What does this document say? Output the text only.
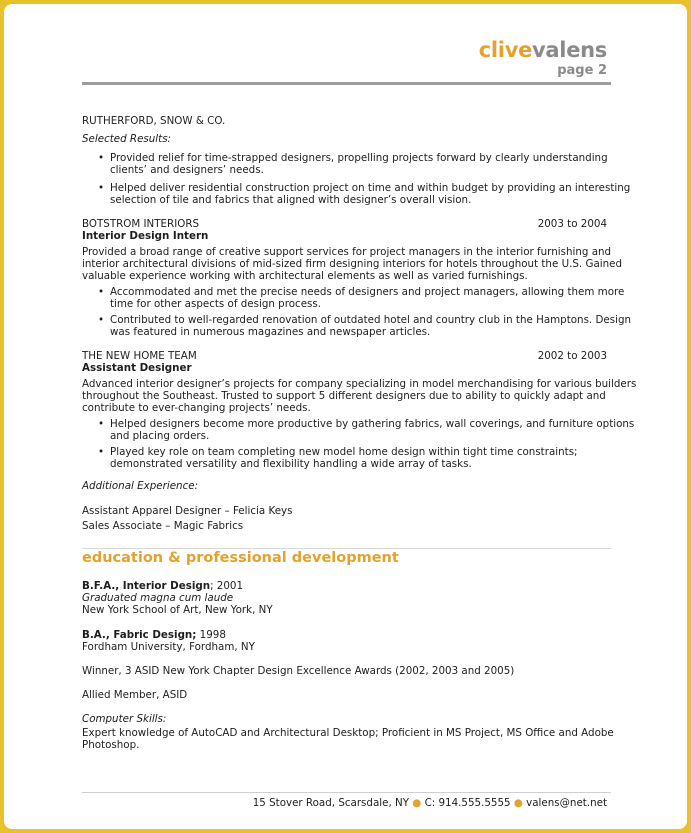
clivevalens
page 2
RUTHERFORD, SNOW & CO.
Selected Results:
• Provided relief for time-strapped designers, propelling projects forward by clearly understanding
clients’ and designers’ needs.
• Helped deliver residential construction project on time and within budget by providing an interesting
selection of tile and fabrics that aligned with designer’s overall vision.
BOTSTROM INTERIORS	2003 to 2004
Interior Design Intern
Provided a broad range of creative support services for project managers in the interior furnishing and
interior architectural divisions of mid-sized firm designing interiors for hotels throughout the U.S. Gained
valuable experience working with architectural elements as well as varied furnishings.
• Accommodated and met the precise needs of designers and project managers, allowing them more
time for other aspects of design process.
• Contributed to well-regarded renovation of outdated hotel and country club in the Hamptons. Design
was featured in numerous magazines and newspaper articles.
THE NEW HOME TEAM	2002 to 2003
Assistant Designer
Advanced interior designer’s projects for company specializing in model merchandising for various builders
throughout the Southeast. Trusted to support 5 different designers due to ability to quickly adapt and
contribute to ever-changing projects’ needs.
• Helped designers become more productive by gathering fabrics, wall coverings, and furniture options
and placing orders.
• Played key role on team completing new model home design within tight time constraints;
demonstrated versatility and flexibility handling a wide array of tasks.
Additional Experience:
Assistant Apparel Designer – Felicia Keys
Sales Associate – Magic Fabrics
education & professional development
B.F.A., Interior Design; 2001
Graduated magna cum laude
New York School of Art, New York, NY
B.A., Fabric Design; 1998
Fordham University, Fordham, NY
Winner, 3 ASID New York Chapter Design Excellence Awards (2002, 2003 and 2005)
Allied Member, ASID
Computer Skills:
Expert knowledge of AutoCAD and Architectural Desktop; Proficient in MS Project, MS Office and Adobe
Photoshop.
15 Stover Road, Scarsdale, NY ● C: 914.555.5555 ● valens@net.net
